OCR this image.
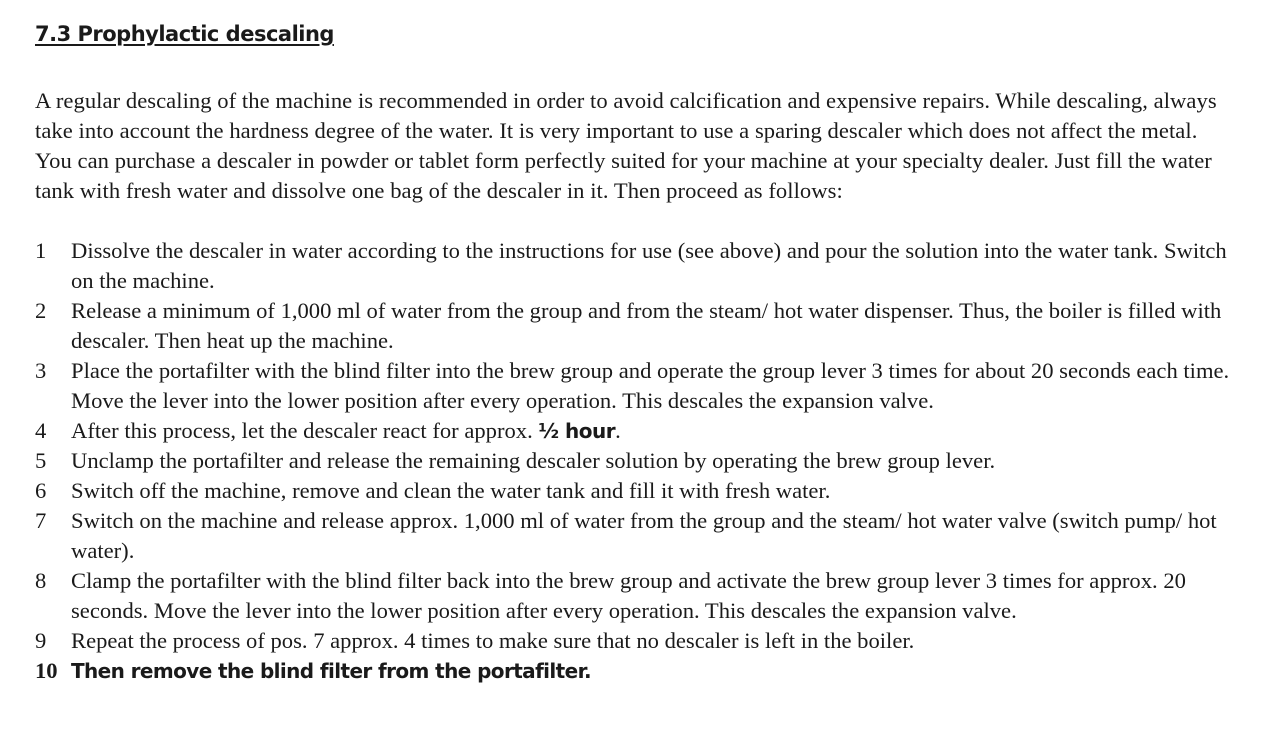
7.3 Prophylactic descaling

A regular descaling of the machine is recommended in order to avoid calcification and expensive repairs. While descaling, always take into account the hardness degree of the water. It is very important to use a sparing descaler which does not affect the metal. You can purchase a descaler in powder or tablet form perfectly suited for your machine at your specialty dealer. Just fill the water tank with fresh water and dissolve one bag of the descaler in it. Then proceed as follows:

1	Dissolve the descaler in water according to the instructions for use (see above) and pour the solution into the water tank. Switch on the machine.
2	Release a minimum of 1,000 ml of water from the group and from the steam/ hot water dispenser. Thus, the boiler is filled with descaler. Then heat up the machine.
3	Place the portafilter with the blind filter into the brew group and operate the group lever 3 times for about 20 seconds each time. Move the lever into the lower position after every operation. This descales the expansion valve.
4	After this process, let the descaler react for approx. ½ hour.
5	Unclamp the portafilter and release the remaining descaler solution by operating the brew group lever.
6	Switch off the machine, remove and clean the water tank and fill it with fresh water.
7	Switch on the machine and release approx. 1,000 ml of water from the group and the steam/ hot water valve (switch pump/ hot water).
8	Clamp the portafilter with the blind filter back into the brew group and activate the brew group lever 3 times for approx. 20 seconds. Move the lever into the lower position after every operation. This descales the expansion valve.
9	Repeat the process of pos. 7 approx. 4 times to make sure that no descaler is left in the boiler.
10 Then remove the blind filter from the portafilter.
